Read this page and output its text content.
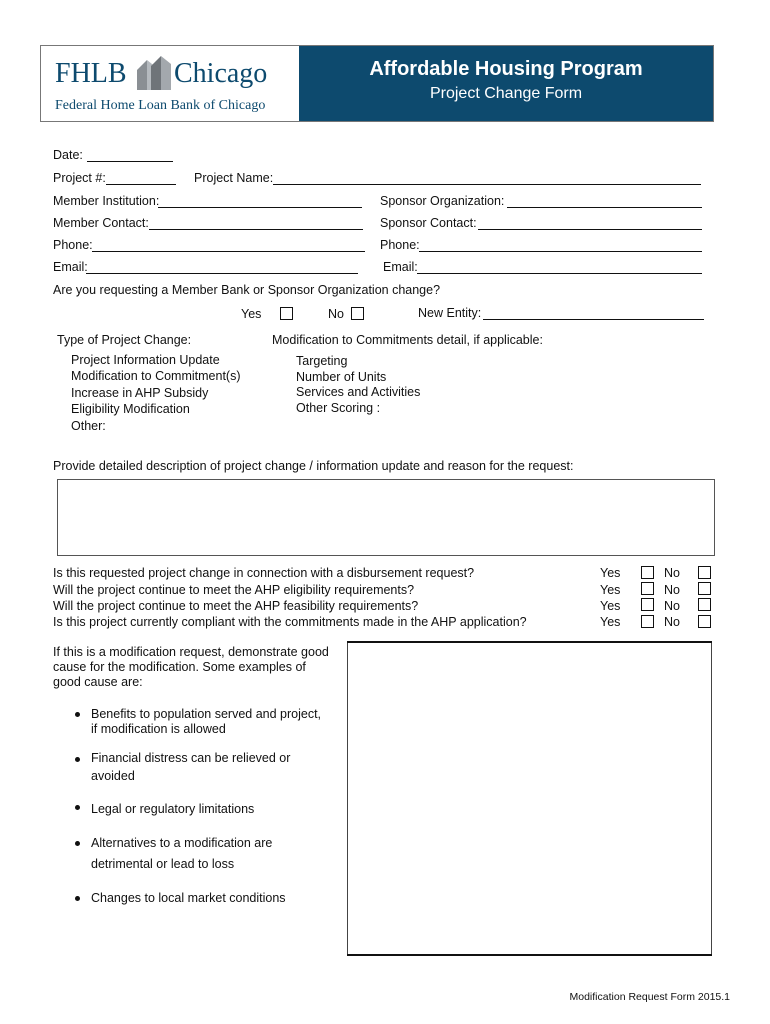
FHLB Chicago
Federal Home Loan Bank of Chicago
Affordable Housing Program
Project Change Form
Date:
Project #:	Project Name:
Member Institution:	Sponsor Organization:
Member Contact:	Sponsor Contact:
Phone:	Phone:
Email:	Email:
Are you requesting a Member Bank or Sponsor Organization change?
Yes	No	New Entity:
Type of Project Change:
Project Information Update
Modification to Commitment(s)
Increase in AHP Subsidy
Eligibility Modification
Other:
Modification to Commitments detail, if applicable:
Targeting
Number of Units
Services and Activities
Other Scoring :
Provide detailed description of project change / information update and reason for the request:
Is this requested project change in connection with a disbursement request?	Yes	No
Will the project continue to meet the AHP eligibility requirements?	Yes	No
Will the project continue to meet the AHP feasibility requirements?	Yes	No
Is this project currently compliant with the commitments made in the AHP application?	Yes	No
If this is a modification request, demonstrate good
cause for the modification. Some examples of
good cause are:
Benefits to population served and project,
if modification is allowed
Financial distress can be relieved or
avoided
Legal or regulatory limitations
Alternatives to a modification are
detrimental or lead to loss
Changes to local market conditions
Modification Request Form 2015.1
